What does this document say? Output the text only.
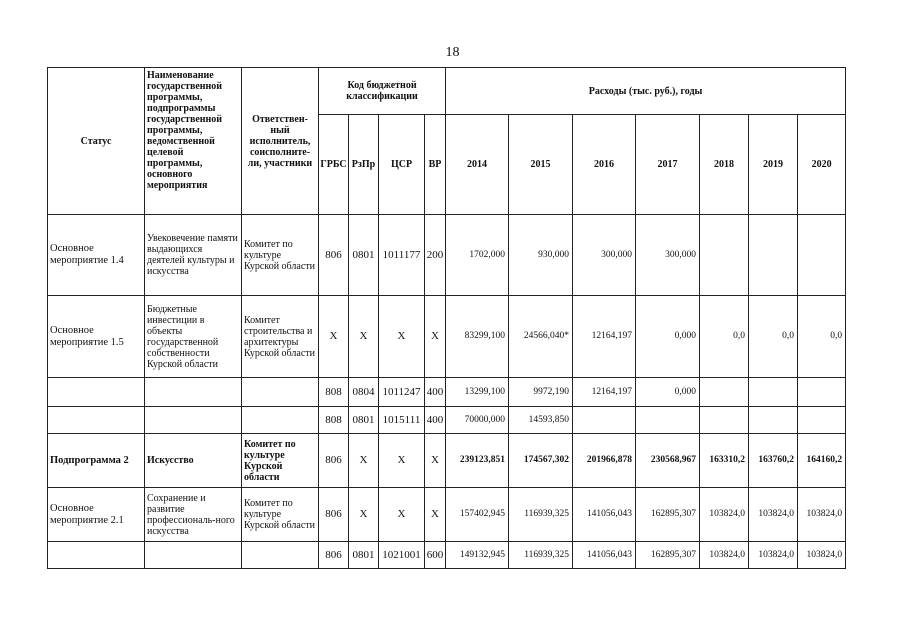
18
Статус	Наименование государственной программы, подпрограммы государственной программы, ведомственной целевой программы, основного мероприятия	Ответствен-ный исполнитель, соисполните-ли, участники	Код бюджетной классификации				Расходы (тыс. руб.), годы						
			ГРБС	РзПр	ЦСР	ВР	2014	2015	2016	2017	2018	2019	2020
Основное мероприятие 1.4	Увековечение памяти выдающихся деятелей культуры и искусства	Комитет по культуре Курской области	806	0801	1011177	200	1702,000	930,000	300,000	300,000			
Основное мероприятие 1.5	Бюджетные инвестиции в объекты государственной собственности Курской области	Комитет строительства и архитектуры Курской области	X	X	X	X	83299,100	24566,040*	12164,197	0,000	0,0	0,0	0,0
			808	0804	1011247	400	13299,100	9972,190	12164,197	0,000			
			808	0801	1015111	400	70000,000	14593,850					
Подпрограмма 2	Искусство	Комитет по культуре Курской области	806	X	X	X	239123,851	174567,302	201966,878	230568,967	163310,2	163760,2	164160,2
Основное мероприятие 2.1	Сохранение и развитие профессиональ-ного искусства	Комитет по культуре Курской области	806	X	X	X	157402,945	116939,325	141056,043	162895,307	103824,0	103824,0	103824,0
			806	0801	1021001	600	149132,945	116939,325	141056,043	162895,307	103824,0	103824,0	103824,0
